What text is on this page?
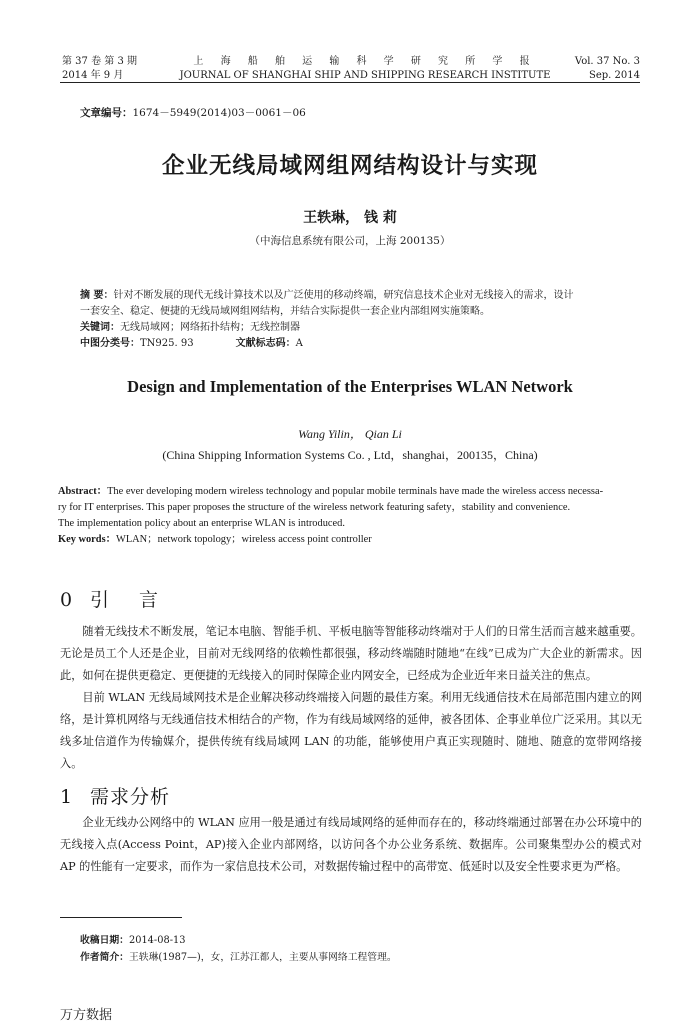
第 37 卷 第 3 期
2014 年 9 月
上 海 船 舶 运 输 科 学 研 究 所 学 报
JOURNAL OF SHANGHAI SHIP AND SHIPPING RESEARCH INSTITUTE
Vol. 37 No. 3
Sep. 2014
文章编号：1674－5949(2014)03－0061－06
企业无线局域网组网结构设计与实现
王轶琳， 钱 莉
（中海信息系统有限公司，上海 200135）

摘 要：针对不断发展的现代无线计算技术以及广泛使用的移动终端，研究信息技术企业对无线接入的需求，设计

一套安全、稳定、便捷的无线局域网组网结构，并结合实际提供一套企业内部组网实施策略。

关键词：无线局域网；网络拓扑结构；无线控制器

中图分类号：TN925. 93	文献标志码：A

Design and Implementation of the Enterprises WLAN Network
Wang Yilin， Qian Li
(China Shipping Information Systems Co. , Ltd，shanghai，200135，China)

Abstract：The ever developing modern wireless technology and popular mobile terminals have made the wireless access necessa-

ry for IT enterprises. This paper proposes the structure of the wireless network featuring safety，stability and convenience.

The implementation policy about an enterprise WLAN is introduced.

Key words：WLAN；network topology；wireless access point controller

0 引 言

随着无线技术不断发展，笔记本电脑、智能手机、平板电脑等智能移动终端对于人们的日常生活而言越来越重要。无论是员工个人还是企业，目前对无线网络的依赖性都很强，移动终端随时随地“在线”已成为广大企业的新需求。因此，如何在提供更稳定、更便捷的无线接入的同时保障企业内网安全，已经成为企业近年来日益关注的焦点。

目前 WLAN 无线局域网技术是企业解决移动终端接入问题的最佳方案。利用无线通信技术在局部范围内建立的网络，是计算机网络与无线通信技术相结合的产物，作为有线局域网络的延伸，被各团体、企事业单位广泛采用。其以无线多址信道作为传输媒介，提供传统有线局域网 LAN 的功能，能够使用户真正实现随时、随地、随意的宽带网络接入。

1 需求分析

企业无线办公网络中的 WLAN 应用一般是通过有线局域网络的延伸而存在的，移动终端通过部署在办公环境中的无线接入点(Access Point，AP)接入企业内部网络，以访问各个办公业务系统、数据库。公司聚集型办公的模式对 AP 的性能有一定要求，而作为一家信息技术公司，对数据传输过程中的高带宽、低延时以及安全性要求更为严格。

收稿日期：2014-08-13

作者简介：王轶琳(1987—)，女，江苏江都人，主要从事网络工程管理。

万方数据
